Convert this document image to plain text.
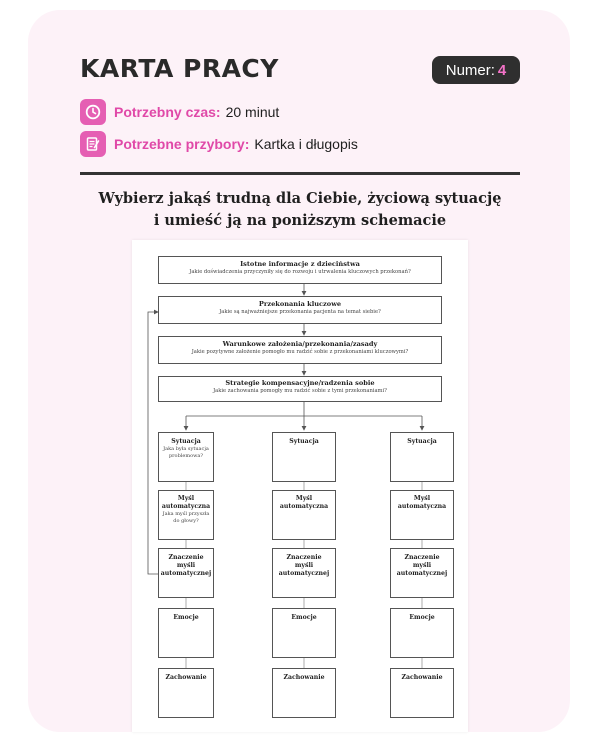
KARTA PRACY	Numer: 4
Potrzebny czas: 20 minut
Potrzebne przybory: Kartka i długopis
Wybierz jakąś trudną dla Ciebie, życiową sytuację
i umieść ją na poniższym schemacie
Istotne informacje z dzieciństwa
Jakie doświadczenia przyczyniły się do rozwoju i utrwalenia kluczowych przekonań?
Przekonania kluczowe
Jakie są najważniejsze przekonania pacjenta na temat siebie?
Warunkowe założenia/przekonania/zasady
Jakie pozytywne założenie pomogło mu radzić sobie z przekonaniami kluczowymi?
Strategie kompensacyjne/radzenia sobie
Jakie zachowania pomogły mu radzić sobie z tymi przekonaniami?
Sytuacja
Jaka była sytuacja problemowa?
Myśl
automatyczna
Jaka myśl przyszła do głowy?
Znaczenie
myśli
automatycznej
Emocje
Zachowanie
Sytuacja
Myśl
automatyczna
Znaczenie
myśli
automatycznej
Emocje
Zachowanie
Sytuacja
Myśl
automatyczna
Znaczenie
myśli
automatycznej
Emocje
Zachowanie
